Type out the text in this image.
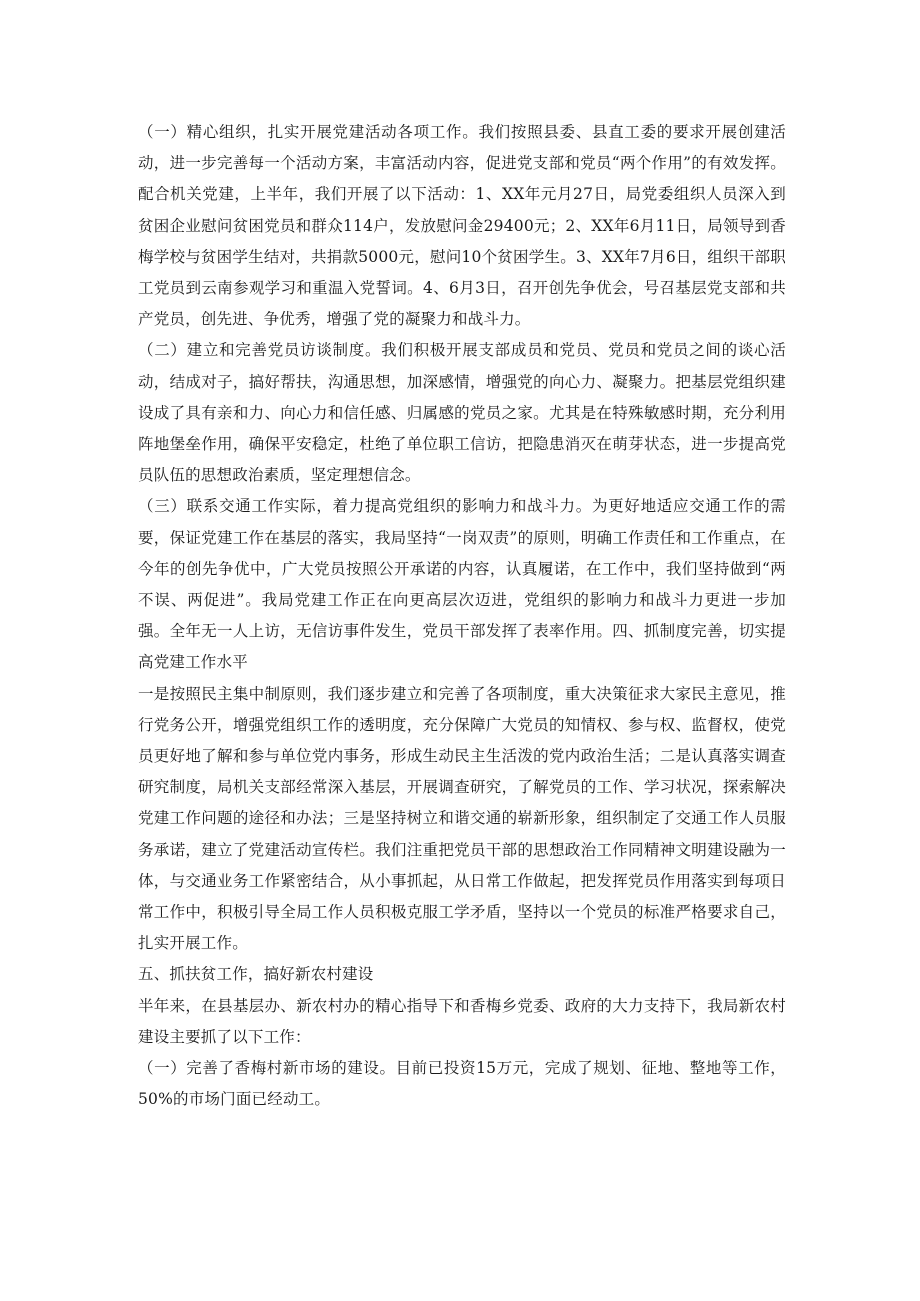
（一）精心组织，扎实开展党建活动各项工作。我们按照县委、县直工委的要求开展创建活动，进一步完善每一个活动方案，丰富活动内容，促进党支部和党员“两个作用”的有效发挥。配合机关党建，上半年，我们开展了以下活动：1、XX年元月27日，局党委组织人员深入到贫困企业慰问贫困党员和群众114户，发放慰问金29400元；2、XX年6月11日，局领导到香梅学校与贫困学生结对，共捐款5000元，慰问10个贫困学生。3、XX年7月6日，组织干部职工党员到云南参观学习和重温入党誓词。4、6月3日，召开创先争优会，号召基层党支部和共产党员，创先进、争优秀，增强了党的凝聚力和战斗力。

（二）建立和完善党员访谈制度。我们积极开展支部成员和党员、党员和党员之间的谈心活动，结成对子，搞好帮扶，沟通思想，加深感情，增强党的向心力、凝聚力。把基层党组织建设成了具有亲和力、向心力和信任感、归属感的党员之家。尤其是在特殊敏感时期，充分利用阵地堡垒作用，确保平安稳定，杜绝了单位职工信访，把隐患消灭在萌芽状态，进一步提高党员队伍的思想政治素质，坚定理想信念。

（三）联系交通工作实际，着力提高党组织的影响力和战斗力。为更好地适应交通工作的需要，保证党建工作在基层的落实，我局坚持“一岗双责”的原则，明确工作责任和工作重点，在今年的创先争优中，广大党员按照公开承诺的内容，认真履诺，在工作中，我们坚持做到“两不误、两促进”。我局党建工作正在向更高层次迈进，党组织的影响力和战斗力更进一步加强。全年无一人上访，无信访事件发生，党员干部发挥了表率作用。四、抓制度完善，切实提高党建工作水平

一是按照民主集中制原则，我们逐步建立和完善了各项制度，重大决策征求大家民主意见，推行党务公开，增强党组织工作的透明度，充分保障广大党员的知情权、参与权、监督权，使党员更好地了解和参与单位党内事务，形成生动民主生活泼的党内政治生活；二是认真落实调查研究制度，局机关支部经常深入基层，开展调查研究，了解党员的工作、学习状况，探索解决党建工作问题的途径和办法；三是坚持树立和谐交通的崭新形象，组织制定了交通工作人员服务承诺，建立了党建活动宣传栏。我们注重把党员干部的思想政治工作同精神文明建设融为一体，与交通业务工作紧密结合，从小事抓起，从日常工作做起，把发挥党员作用落实到每项日常工作中，积极引导全局工作人员积极克服工学矛盾，坚持以一个党员的标准严格要求自己，扎实开展工作。

五、抓扶贫工作，搞好新农村建设

半年来，在县基层办、新农村办的精心指导下和香梅乡党委、政府的大力支持下，我局新农村建设主要抓了以下工作：

（一）完善了香梅村新市场的建设。目前已投资15万元，完成了规划、征地、整地等工作，50%的市场门面已经动工。
